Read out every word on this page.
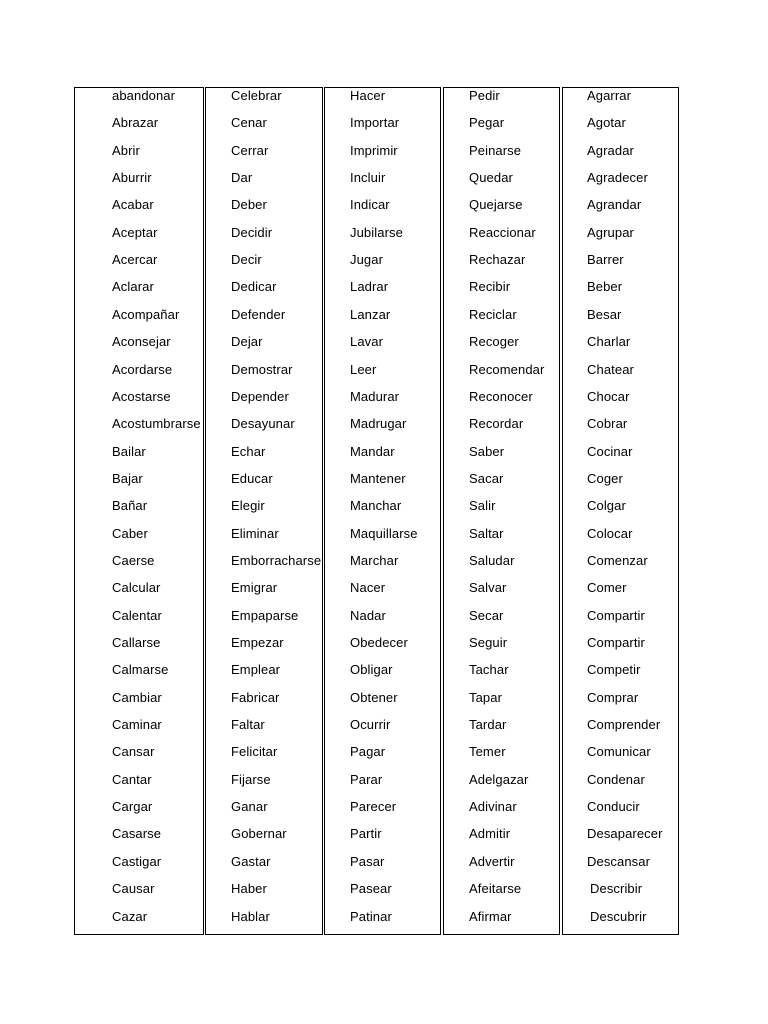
abandonar
Abrazar
Abrir
Aburrir
Acabar
Aceptar
Acercar
Aclarar
Acompañar
Aconsejar
Acordarse
Acostarse
Acostumbrarse
Bailar
Bajar
Bañar
Caber
Caerse
Calcular
Calentar
Callarse
Calmarse
Cambiar
Caminar
Cansar
Cantar
Cargar
Casarse
Castigar
Causar
Cazar
Celebrar
Cenar
Cerrar
Dar
Deber
Decidir
Decir
Dedicar
Defender
Dejar
Demostrar
Depender
Desayunar
Echar
Educar
Elegir
Eliminar
Emborracharse
Emigrar
Empaparse
Empezar
Emplear
Fabricar
Faltar
Felicitar
Fijarse
Ganar
Gobernar
Gastar
Haber
Hablar
Hacer
Importar
Imprimir
Incluir
Indicar
Jubilarse
Jugar
Ladrar
Lanzar
Lavar
Leer
Madurar
Madrugar
Mandar
Mantener
Manchar
Maquillarse
Marchar
Nacer
Nadar
Obedecer
Obligar
Obtener
Ocurrir
Pagar
Parar
Parecer
Partir
Pasar
Pasear
Patinar
Pedir
Pegar
Peinarse
Quedar
Quejarse
Reaccionar
Rechazar
Recibir
Reciclar
Recoger
Recomendar
Reconocer
Recordar
Saber
Sacar
Salir
Saltar
Saludar
Salvar
Secar
Seguir
Tachar
Tapar
Tardar
Temer
Adelgazar
Adivinar
Admitir
Advertir
Afeitarse
Afirmar
Agarrar
Agotar
Agradar
Agradecer
Agrandar
Agrupar
Barrer
Beber
Besar
Charlar
Chatear
Chocar
Cobrar
Cocinar
Coger
Colgar
Colocar
Comenzar
Comer
Compartir
Compartir
Competir
Comprar
Comprender
Comunicar
Condenar
Conducir
Desaparecer
Descansar
Describir
Descubrir
